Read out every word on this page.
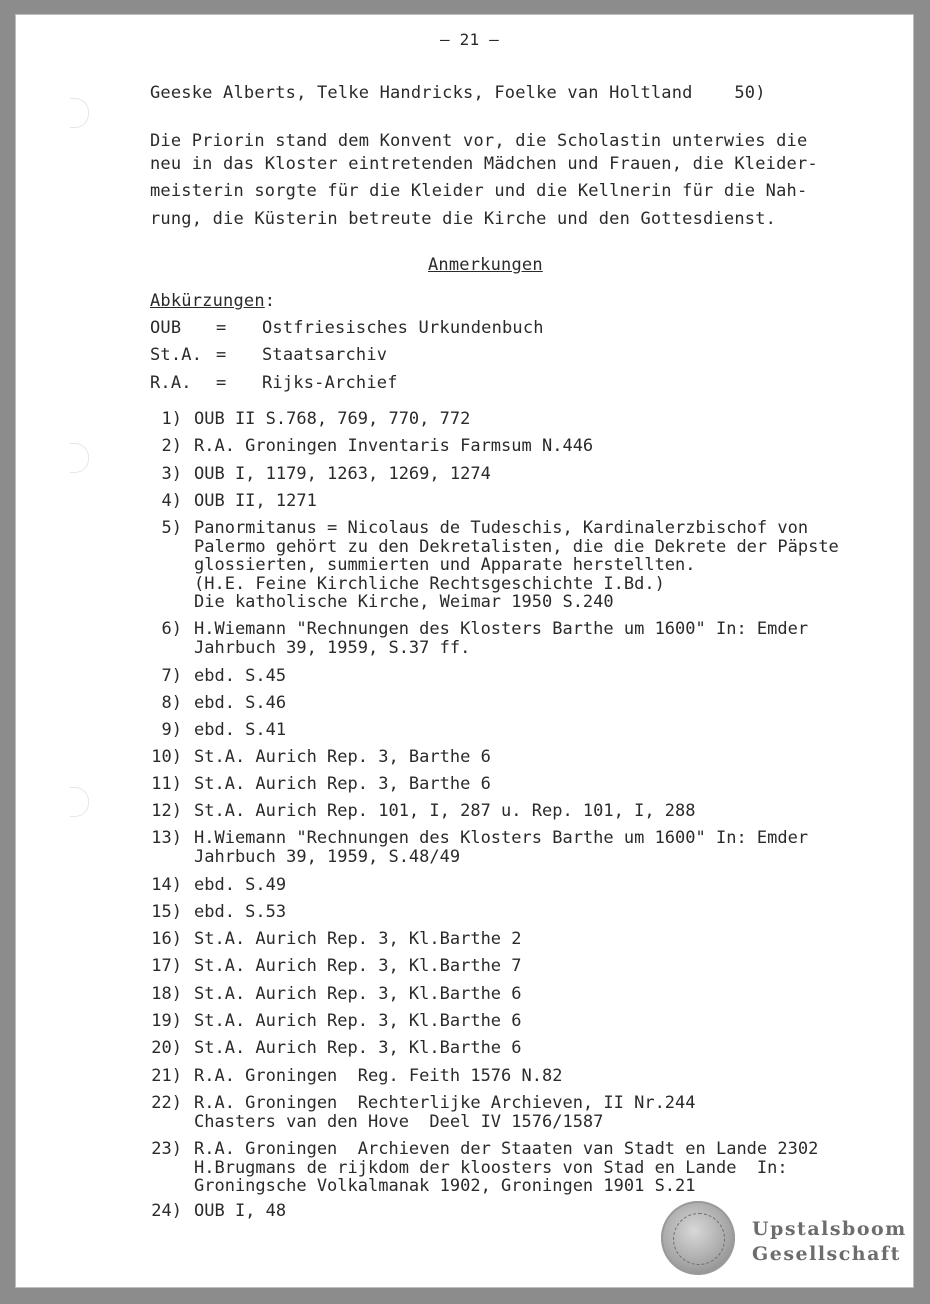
— 21 —
Geeske Alberts, Telke Handricks, Foelke van Holtland    50)
Die Priorin stand dem Konvent vor, die Scholastin unterwies die
neu in das Kloster eintretenden Mädchen und Frauen, die Kleider-
meisterin sorgte für die Kleider und die Kellnerin für die Nah-
rung, die Küsterin betreute die Kirche und den Gottesdienst.
Anmerkungen
Abkürzungen:
OUB = Ostfriesisches Urkundenbuch
St.A. = Staatsarchiv
R.A. = Rijks-Archief
1) OUB II S.768, 769, 770, 772
2) R.A. Groningen Inventaris Farmsum N.446
3) OUB I, 1179, 1263, 1269, 1274
4) OUB II, 1271
5) Panormitanus = Nicolaus de Tudeschis, Kardinalerzbischof von
Palermo gehört zu den Dekretalisten, die die Dekrete der Päpste
glossierten, summierten und Apparate herstellten.
(H.E. Feine Kirchliche Rechtsgeschichte I.Bd.)
Die katholische Kirche, Weimar 1950 S.240
6) H.Wiemann "Rechnungen des Klosters Barthe um 1600" In: Emder
Jahrbuch 39, 1959, S.37 ff.
7) ebd. S.45
8) ebd. S.46
9) ebd. S.41
10) St.A. Aurich Rep. 3, Barthe 6
11) St.A. Aurich Rep. 3, Barthe 6
12) St.A. Aurich Rep. 101, I, 287 u. Rep. 101, I, 288
13) H.Wiemann "Rechnungen des Klosters Barthe um 1600" In: Emder
Jahrbuch 39, 1959, S.48/49
14) ebd. S.49
15) ebd. S.53
16) St.A. Aurich Rep. 3, Kl.Barthe 2
17) St.A. Aurich Rep. 3, Kl.Barthe 7
18) St.A. Aurich Rep. 3, Kl.Barthe 6
19) St.A. Aurich Rep. 3, Kl.Barthe 6
20) St.A. Aurich Rep. 3, Kl.Barthe 6
21) R.A. Groningen  Reg. Feith 1576 N.82
22) R.A. Groningen  Rechterlijke Archieven, II Nr.244
Chasters van den Hove  Deel IV 1576/1587
23) R.A. Groningen  Archieven der Staaten van Stadt en Lande 2302
H.Brugmans de rijkdom der kloosters von Stad en Lande  In:
Groningsche Volkalmanak 1902, Groningen 1901 S.21
24) OUB I, 48
Upstalsboom
Gesellschaft
